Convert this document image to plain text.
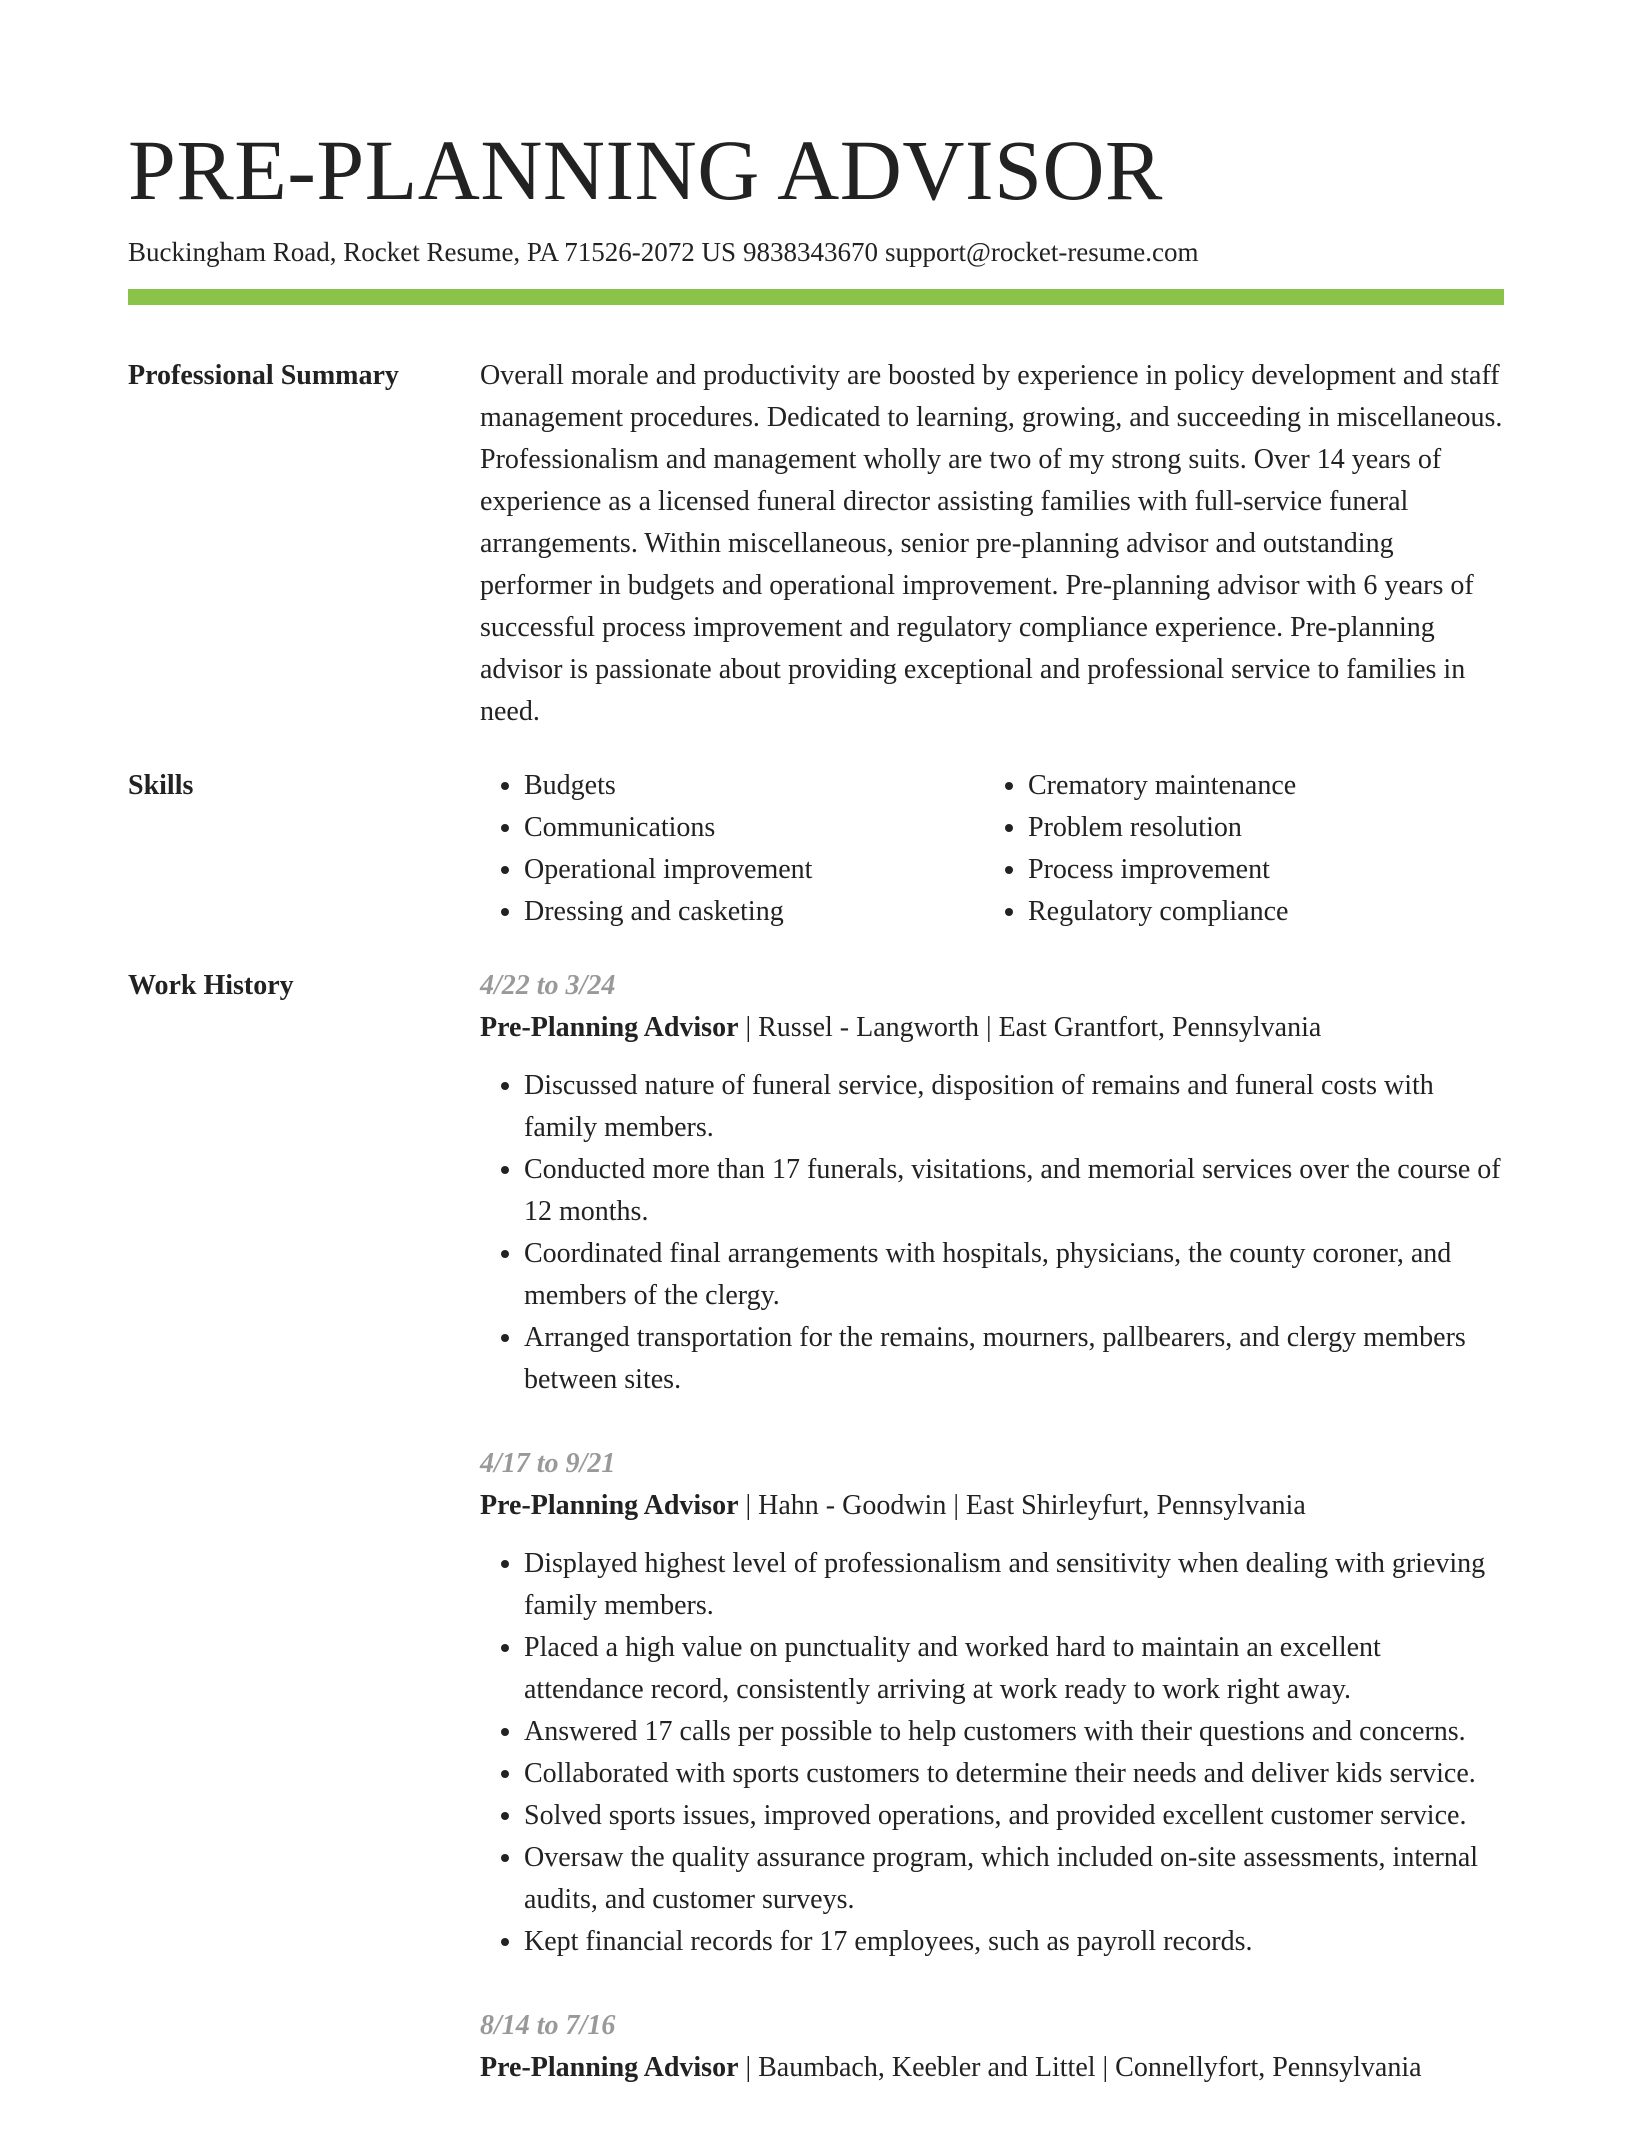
PRE-PLANNING ADVISOR
Buckingham Road, Rocket Resume, PA 71526-2072 US 9838343670 support@rocket-resume.com
Professional Summary	Overall morale and productivity are boosted by experience in policy development and staff management procedures. Dedicated to learning, growing, and succeeding in miscellaneous. Professionalism and management wholly are two of my strong suits. Over 14 years of experience as a licensed funeral director assisting families with full-service funeral arrangements. Within miscellaneous, senior pre-planning advisor and outstanding performer in budgets and operational improvement. Pre-planning advisor with 6 years of successful process improvement and regulatory compliance experience. Pre-planning advisor is passionate about providing exceptional and professional service to families in need.
Skills
•	Budgets
• Communications
• Operational improvement
• Dressing and casketing
• Crematory maintenance
• Problem resolution
• Process improvement
• Regulatory compliance
Work History	4/22 to 3/24
Pre-Planning Advisor | Russel - Langworth | East Grantfort, Pennsylvania
• Discussed nature of funeral service, disposition of remains and funeral costs with family members.
• Conducted more than 17 funerals, visitations, and memorial services over the course of 12 months.
• Coordinated final arrangements with hospitals, physicians, the county coroner, and members of the clergy.
• Arranged transportation for the remains, mourners, pallbearers, and clergy members between sites.
4/17 to 9/21
Pre-Planning Advisor | Hahn - Goodwin | East Shirleyfurt, Pennsylvania
• Displayed highest level of professionalism and sensitivity when dealing with grieving family members.
• Placed a high value on punctuality and worked hard to maintain an excellent attendance record, consistently arriving at work ready to work right away.
• Answered 17 calls per possible to help customers with their questions and concerns.
• Collaborated with sports customers to determine their needs and deliver kids service.
• Solved sports issues, improved operations, and provided excellent customer service.
• Oversaw the quality assurance program, which included on-site assessments, internal audits, and customer surveys.
• Kept financial records for 17 employees, such as payroll records.
8/14 to 7/16
Pre-Planning Advisor | Baumbach, Keebler and Littel | Connellyfort, Pennsylvania
